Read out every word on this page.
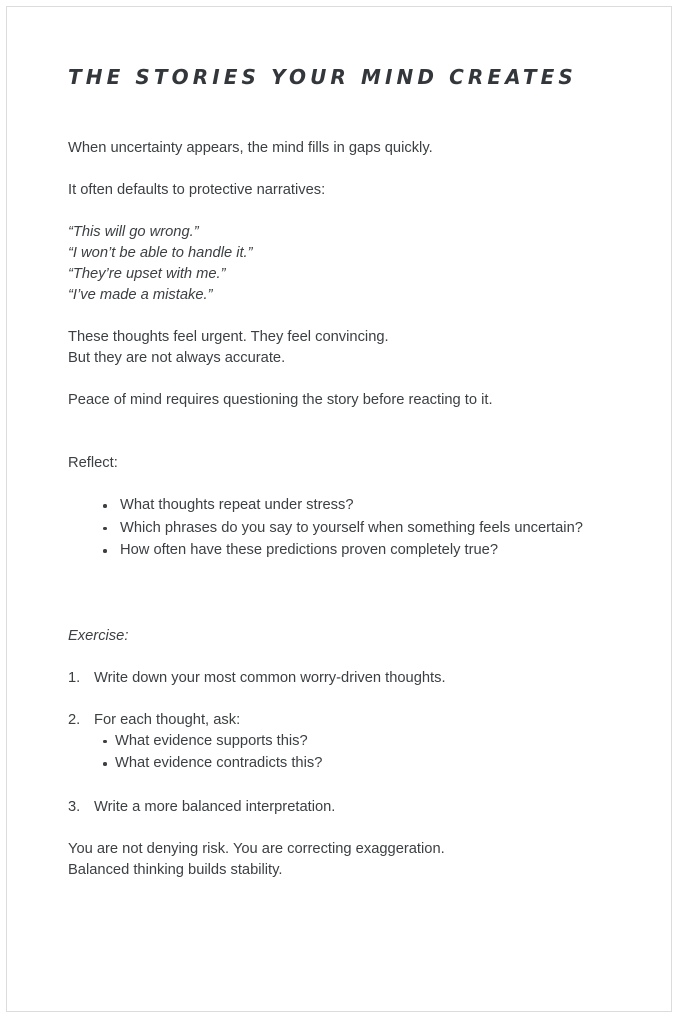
THE STORIES YOUR MIND CREATES

When uncertainty appears, the mind fills in gaps quickly.

It often defaults to protective narratives:

“This will go wrong.”

“I won’t be able to handle it.”

“They’re upset with me.”

“I’ve made a mistake.”

These thoughts feel urgent. They feel convincing.

But they are not always accurate.

Peace of mind requires questioning the story before reacting to it.

Reflect:

What thoughts repeat under stress?
Which phrases do you say to yourself when something feels uncertain?
How often have these predictions proven completely true?

Exercise:

1. Write down your most common worry-driven thoughts.
2. For each thought, ask:
What evidence supports this?
What evidence contradicts this?
3. Write a more balanced interpretation.

You are not denying risk. You are correcting exaggeration.

Balanced thinking builds stability.
